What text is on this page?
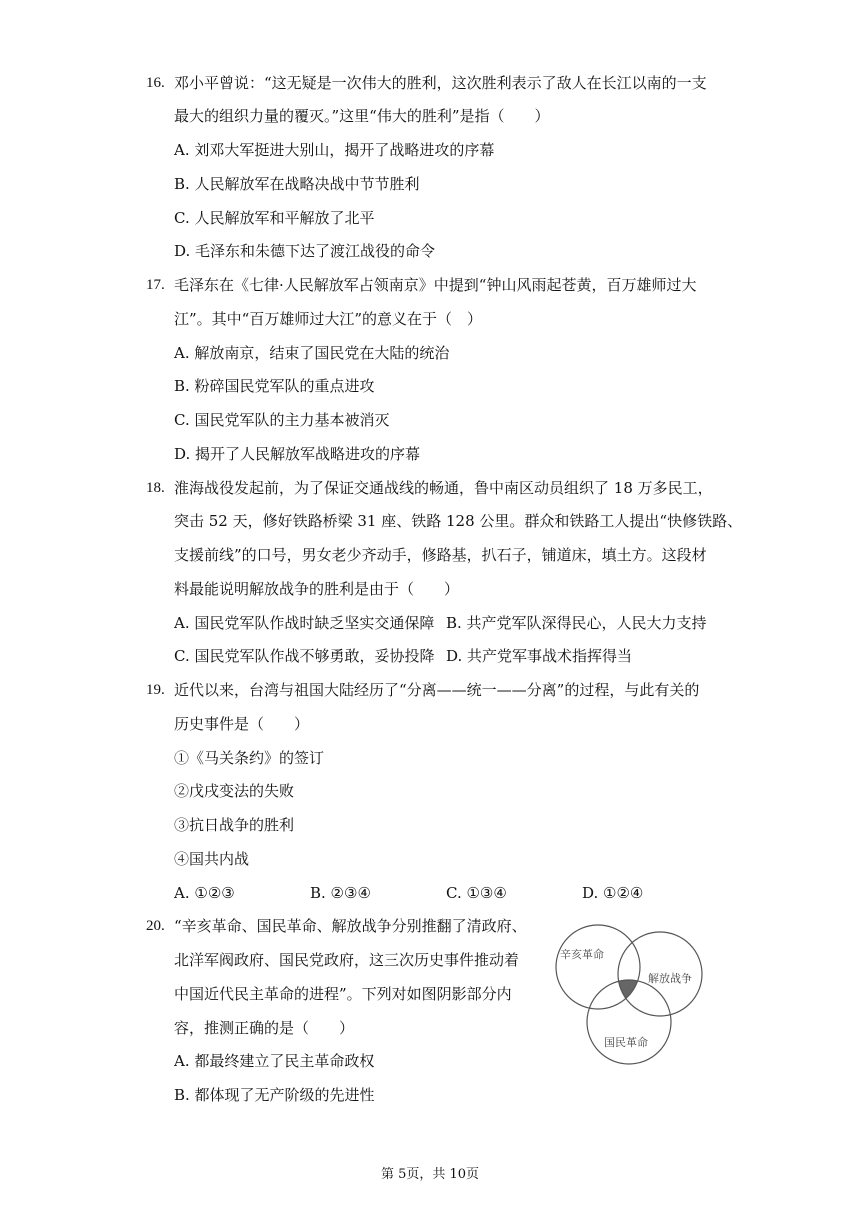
16. 邓小平曾说：“这无疑是一次伟大的胜利，这次胜利表示了敌人在长江以南的一支
最大的组织力量的覆灭。”这里“伟大的胜利”是指（　　）
A. 刘邓大军挺进大别山，揭开了战略进攻的序幕
B. 人民解放军在战略决战中节节胜利
C. 人民解放军和平解放了北平
D. 毛泽东和朱德下达了渡江战役的命令
17. 毛泽东在《七律·人民解放军占领南京》中提到“钟山风雨起苍黄，百万雄师过大
江”。其中“百万雄师过大江”的意义在于（　）
A. 解放南京，结束了国民党在大陆的统治
B. 粉碎国民党军队的重点进攻
C. 国民党军队的主力基本被消灭
D. 揭开了人民解放军战略进攻的序幕
18. 淮海战役发起前，为了保证交通战线的畅通，鲁中南区动员组织了 18 万多民工，
突击 52 天，修好铁路桥梁 31 座、铁路 128 公里。群众和铁路工人提出“快修铁路、
支援前线”的口号，男女老少齐动手，修路基，扒石子，铺道床，填土方。这段材
料最能说明解放战争的胜利是由于（　　）
A. 国民党军队作战时缺乏坚实交通保障 B. 共产党军队深得民心，人民大力支持
C. 国民党军队作战不够勇敢，妥协投降 D. 共产党军事战术指挥得当
19. 近代以来，台湾与祖国大陆经历了“分离——统一——分离”的过程，与此有关的
历史事件是（　　）
①《马关条约》的签订
②戊戌变法的失败
③抗日战争的胜利
④国共内战
A. ①②③	B. ②③④	C. ①③④	D. ①②④
20. “辛亥革命、国民革命、解放战争分别推翻了清政府、
北洋军阀政府、国民党政府，这三次历史事件推动着
中国近代民主革命的进程”。下列对如图阴影部分内
容，推测正确的是（　　）
A. 都最终建立了民主革命政权
B. 都体现了无产阶级的先进性
辛亥革命
解放战争
国民革命
第 5页，共 10页
